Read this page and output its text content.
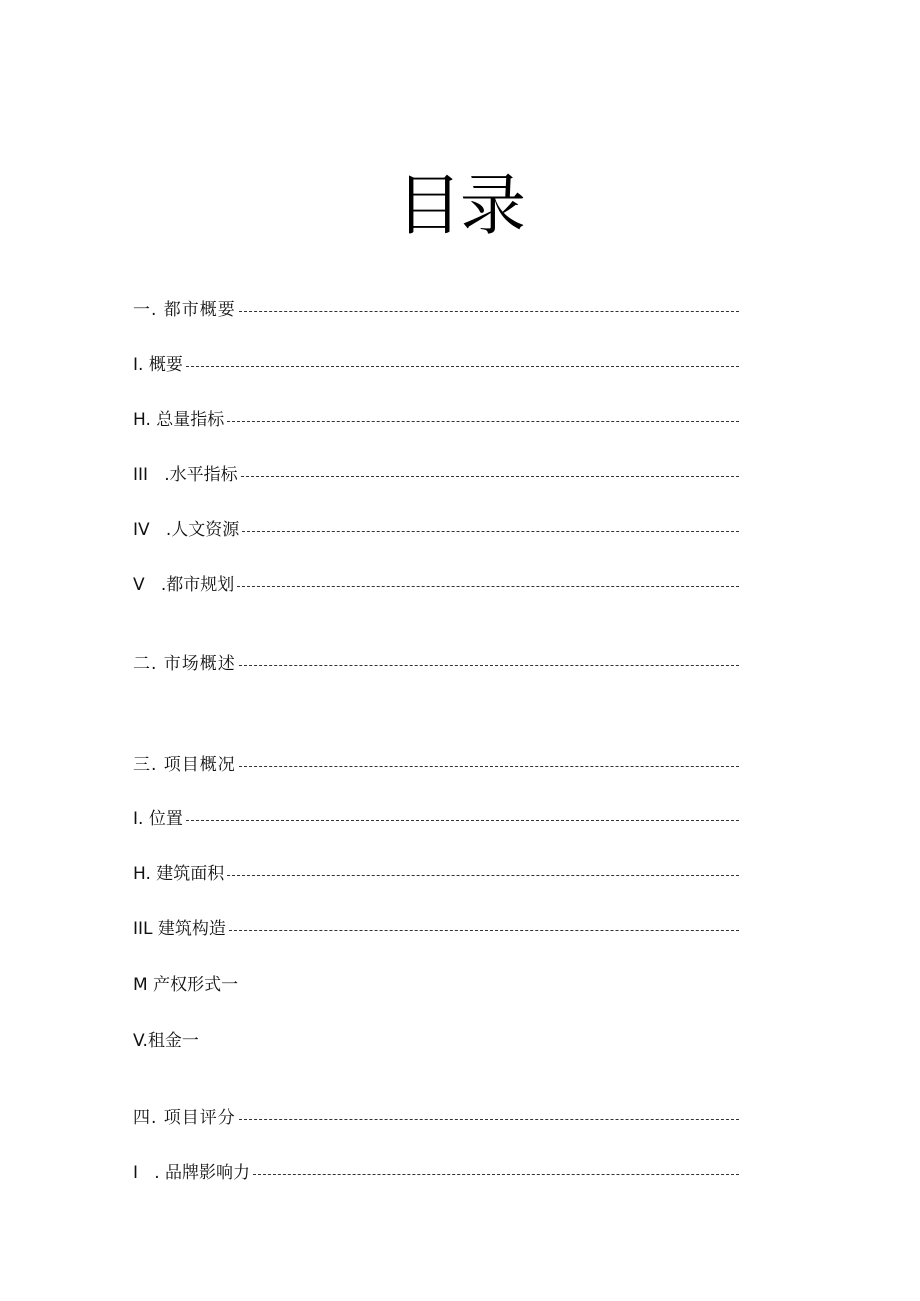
目录
一. 都市概要
I. 概要
H. 总量指标
III   .水平指标
IV   .人文资源
V   .都市规划
二. 市场概述
三. 项目概况
I. 位置
H. 建筑面积
IIL 建筑构造
M 产权形式一
V.租金一
四. 项目评分
I   . 品牌影响力
